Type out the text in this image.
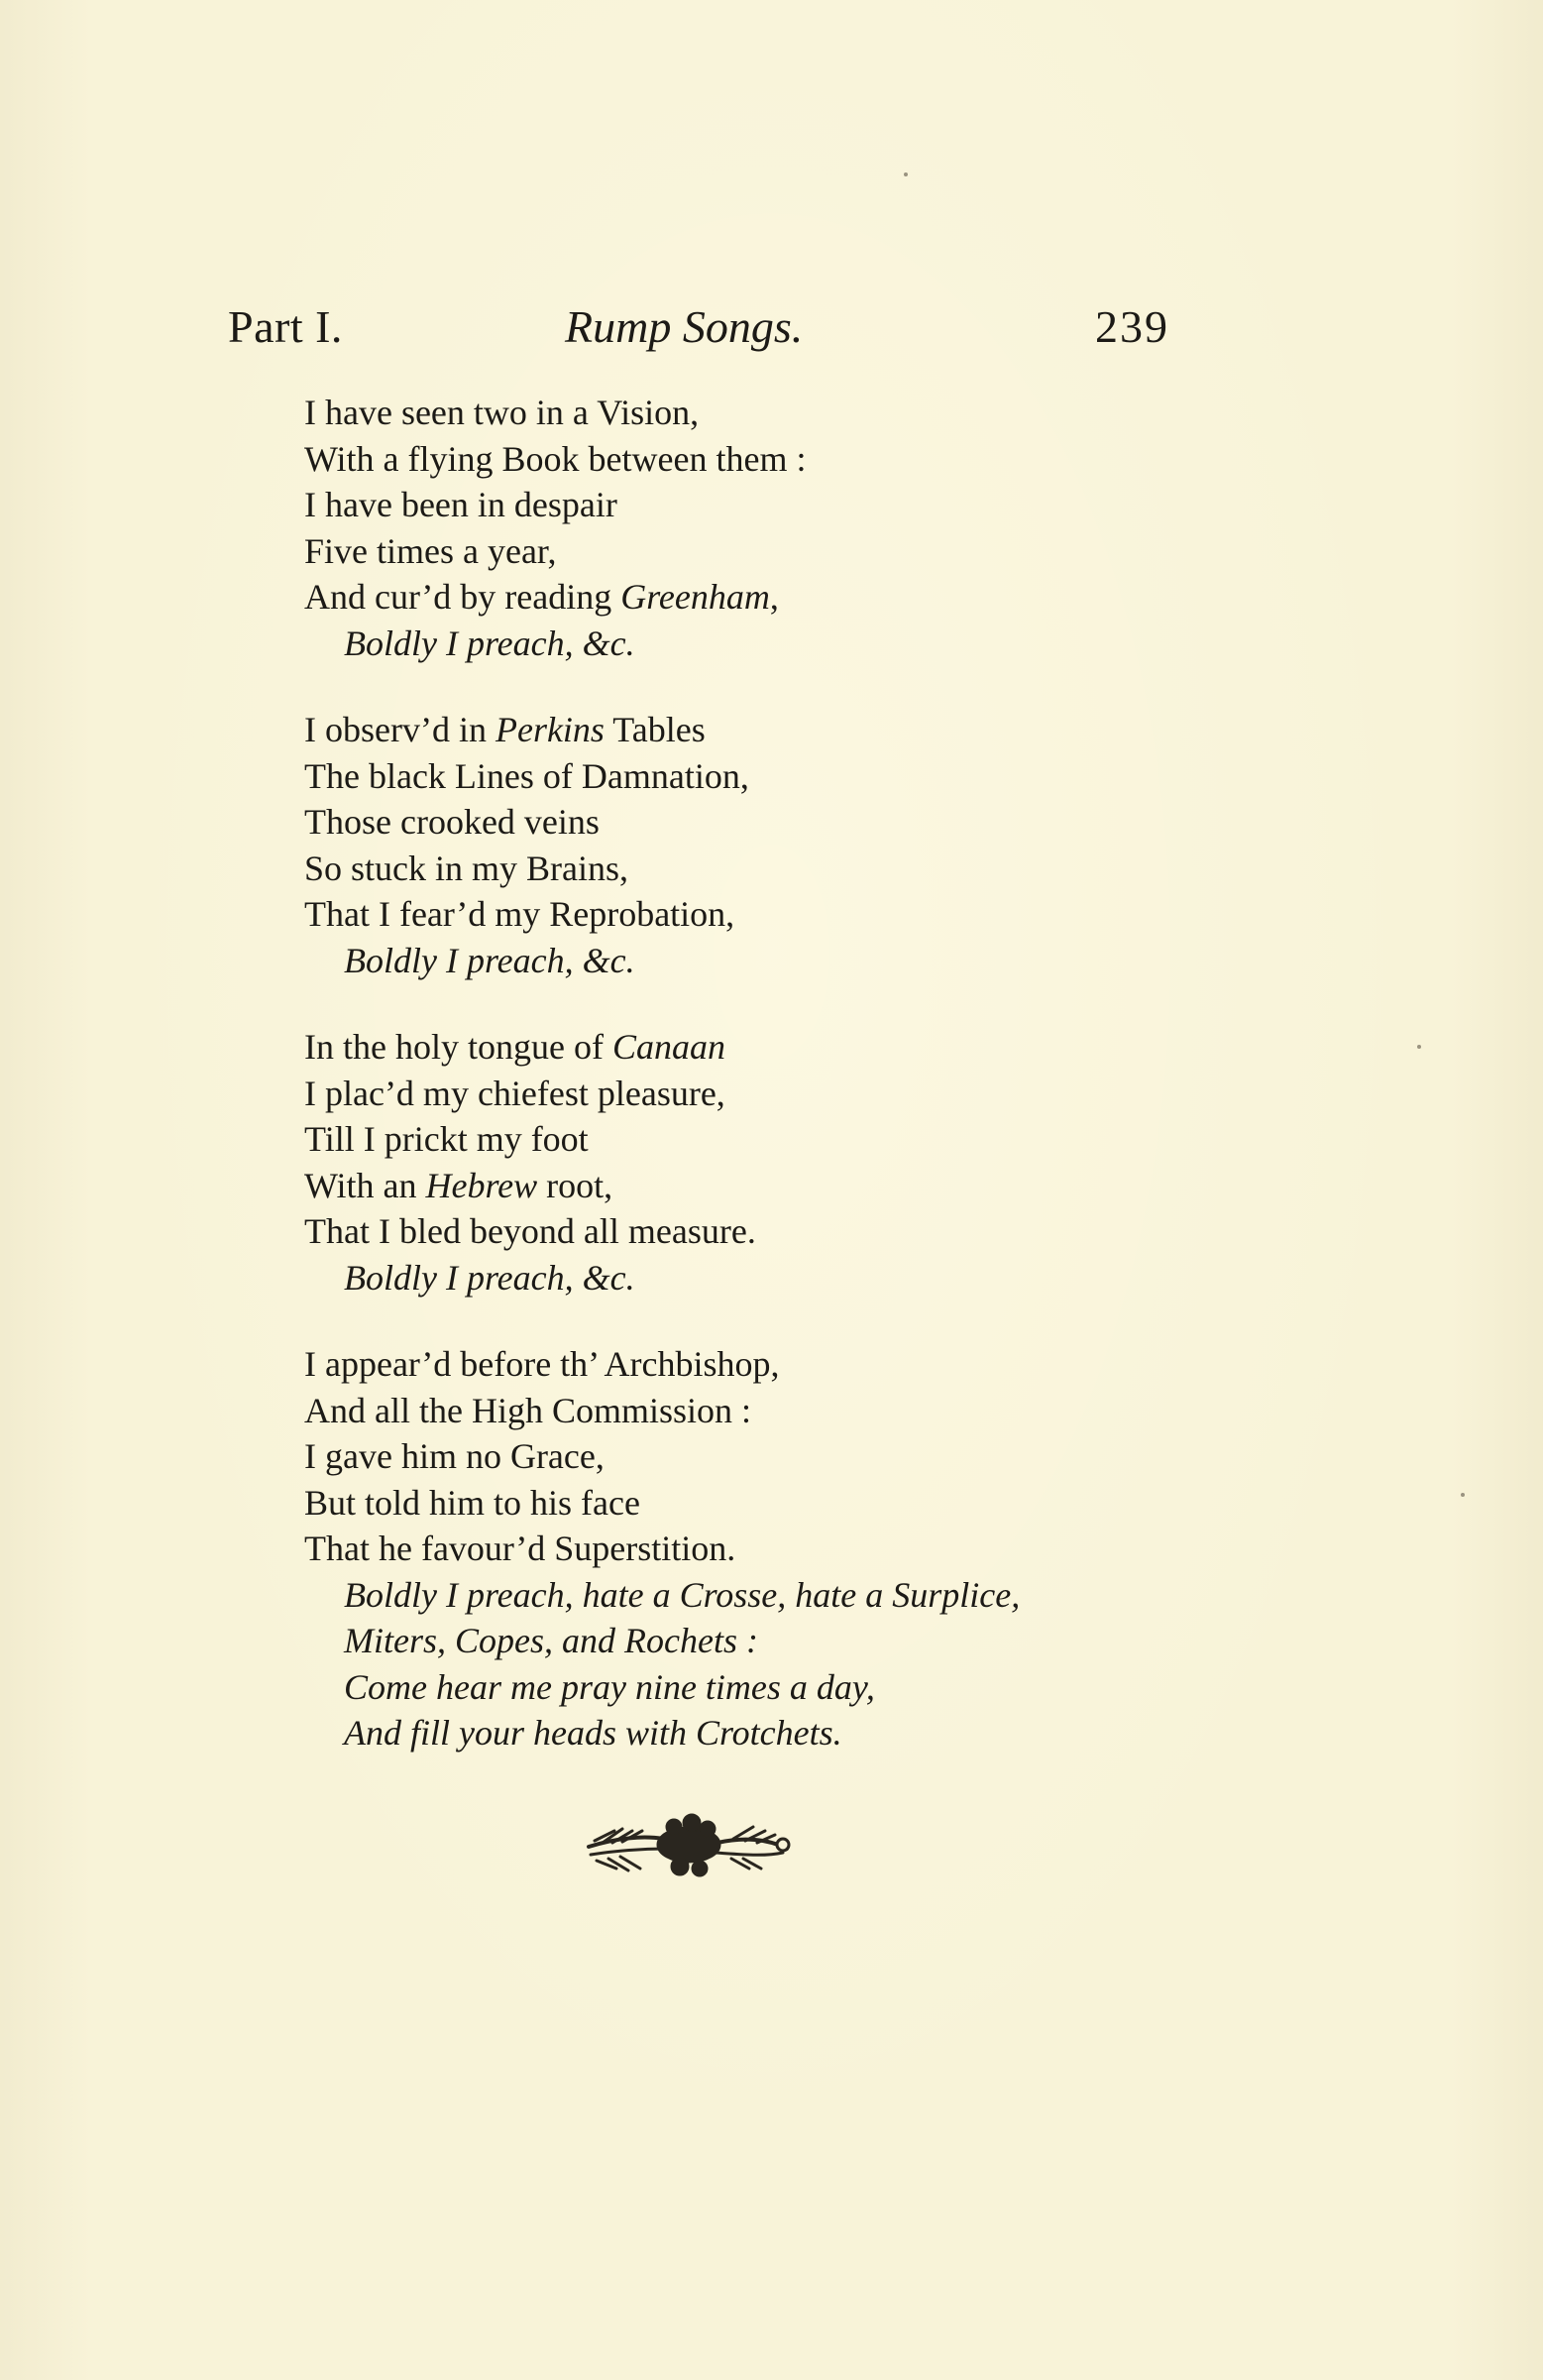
Part I.	Rump Songs.	239
I have seen two in a Vision,
With a flying Book between them :
I have been in despair
Five times a year,
And cur’d by reading Greenham,
Boldly I preach, &c.
I observ’d in Perkins Tables
The black Lines of Damnation,
Those crooked veins
So stuck in my Brains,
That I fear’d my Reprobation,
Boldly I preach, &c.
In the holy tongue of Canaan
I plac’d my chiefest pleasure,
Till I prickt my foot
With an Hebrew root,
That I bled beyond all measure.
Boldly I preach, &c.
I appear’d before th’ Archbishop,
And all the High Commission :
I gave him no Grace,
But told him to his face
That he favour’d Superstition.
Boldly I preach, hate a Crosse, hate a Surplice,
Miters, Copes, and Rochets :
Come hear me pray nine times a day,
And fill your heads with Crotchets.
